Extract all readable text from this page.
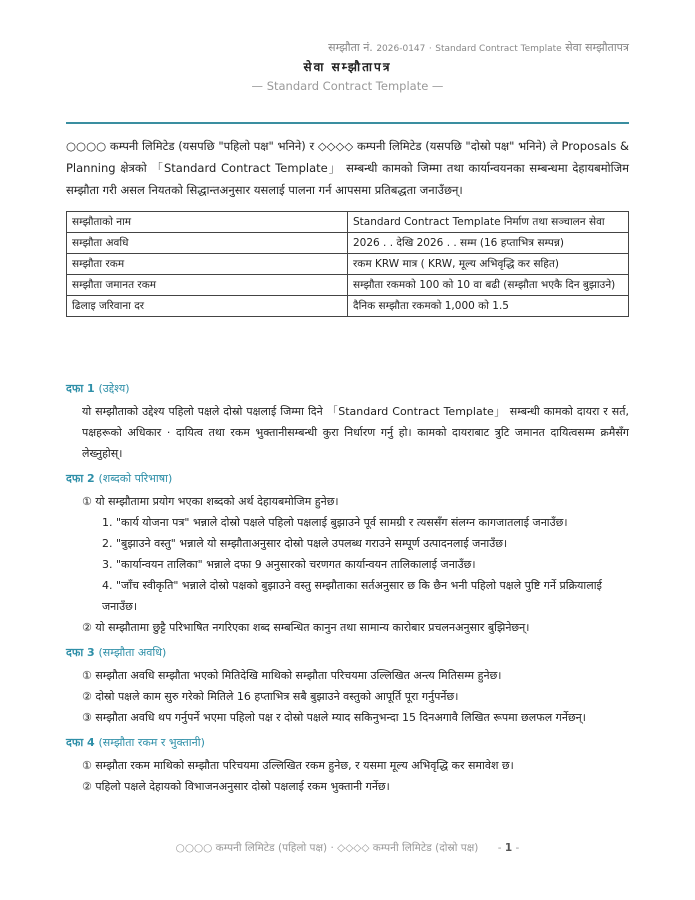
सम्झौता नं. 2026-0147 · Standard Contract Template सेवा सम्झौतापत्र
सेवा सम्झौतापत्र
— Standard Contract Template —
○○○○ कम्पनी लिमिटेड (यसपछि "पहिलो पक्ष" भनिने) र ◇◇◇◇ कम्पनी लिमिटेड (यसपछि "दोस्रो पक्ष" भनिने) ले Proposals & Planning क्षेत्रको 「Standard Contract Template」 सम्बन्धी कामको जिम्मा तथा कार्यान्वयनका सम्बन्धमा देहायबमोजिम सम्झौता गरी असल नियतको सिद्धान्तअनुसार यसलाई पालना गर्न आपसमा प्रतिबद्धता जनाउँछन्।
सम्झौताको नाम	Standard Contract Template निर्माण तथा सञ्चालन सेवा
सम्झौता अवधि	2026 . . देखि 2026 . . सम्म (16 हप्ताभित्र सम्पन्न)
सम्झौता रकम	रकम KRW मात्र ( KRW, मूल्य अभिवृद्धि कर सहित)
सम्झौता जमानत रकम	सम्झौता रकमको 100 को 10 वा बढी (सम्झौता भएकै दिन बुझाउने)
ढिलाइ जरिवाना दर	दैनिक सम्झौता रकमको 1,000 को 1.5
दफा 1 (उद्देश्य)
यो सम्झौताको उद्देश्य पहिलो पक्षले दोस्रो पक्षलाई जिम्मा दिने 「Standard Contract Template」 सम्बन्धी कामको दायरा र सर्त, पक्षहरूको अधिकार · दायित्व तथा रकम भुक्तानीसम्बन्धी कुरा निर्धारण गर्नु हो। कामको दायराबाट त्रुटि जमानत दायित्वसम्म क्रमैसँग लेख्नुहोस्।
दफा 2 (शब्दको परिभाषा)
① यो सम्झौतामा प्रयोग भएका शब्दको अर्थ देहायबमोजिम हुनेछ।
1. "कार्य योजना पत्र" भन्नाले दोस्रो पक्षले पहिलो पक्षलाई बुझाउने पूर्व सामग्री र त्यससँग संलग्न कागजातलाई जनाउँछ।
2. "बुझाउने वस्तु" भन्नाले यो सम्झौताअनुसार दोस्रो पक्षले उपलब्ध गराउने सम्पूर्ण उत्पादनलाई जनाउँछ।
3. "कार्यान्वयन तालिका" भन्नाले दफा 9 अनुसारको चरणगत कार्यान्वयन तालिकालाई जनाउँछ।
4. "जाँच स्वीकृति" भन्नाले दोस्रो पक्षको बुझाउने वस्तु सम्झौताका सर्तअनुसार छ कि छैन भनी पहिलो पक्षले पुष्टि गर्ने प्रक्रियालाई जनाउँछ।
② यो सम्झौतामा छुट्टै परिभाषित नगरिएका शब्द सम्बन्धित कानुन तथा सामान्य कारोबार प्रचलनअनुसार बुझिनेछन्।
दफा 3 (सम्झौता अवधि)
① सम्झौता अवधि सम्झौता भएको मितिदेखि माथिको सम्झौता परिचयमा उल्लिखित अन्त्य मितिसम्म हुनेछ।
② दोस्रो पक्षले काम सुरु गरेको मितिले 16 हप्ताभित्र सबै बुझाउने वस्तुको आपूर्ति पूरा गर्नुपर्नेछ।
③ सम्झौता अवधि थप गर्नुपर्ने भएमा पहिलो पक्ष र दोस्रो पक्षले म्याद सकिनुभन्दा 15 दिनअगावै लिखित रूपमा छलफल गर्नेछन्।
दफा 4 (सम्झौता रकम र भुक्तानी)
① सम्झौता रकम माथिको सम्झौता परिचयमा उल्लिखित रकम हुनेछ, र यसमा मूल्य अभिवृद्धि कर समावेश छ।
② पहिलो पक्षले देहायको विभाजनअनुसार दोस्रो पक्षलाई रकम भुक्तानी गर्नेछ।
○○○○ कम्पनी लिमिटेड (पहिलो पक्ष) · ◇◇◇◇ कम्पनी लिमिटेड (दोस्रो पक्ष) - 1 -
